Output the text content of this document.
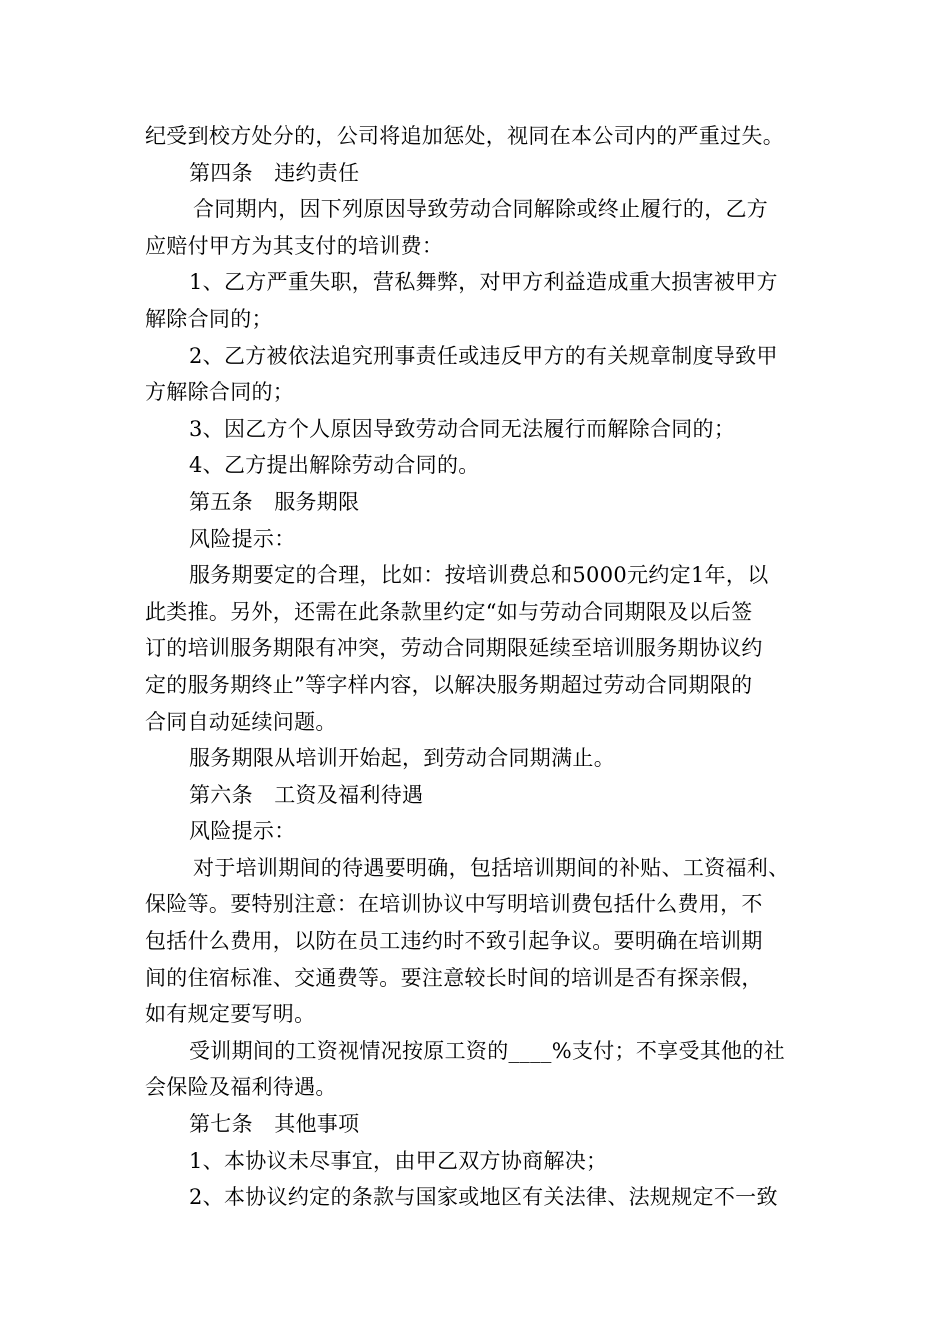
纪受到校方处分的，公司将追加惩处，视同在本公司内的严重过失。
第四条　违约责任
合同期内，因下列原因导致劳动合同解除或终止履行的，乙方
应赔付甲方为其支付的培训费：
1、乙方严重失职，营私舞弊，对甲方利益造成重大损害被甲方
解除合同的；
2、乙方被依法追究刑事责任或违反甲方的有关规章制度导致甲
方解除合同的；
3、因乙方个人原因导致劳动合同无法履行而解除合同的；
4、乙方提出解除劳动合同的。
第五条　服务期限
风险提示：
服务期要定的合理，比如：按培训费总和5000元约定1年，以
此类推。另外，还需在此条款里约定“如与劳动合同期限及以后签
订的培训服务期限有冲突，劳动合同期限延续至培训服务期协议约
定的服务期终止”等字样内容，以解决服务期超过劳动合同期限的
合同自动延续问题。
服务期限从培训开始起，到劳动合同期满止。
第六条　工资及福利待遇
风险提示：
对于培训期间的待遇要明确，包括培训期间的补贴、工资福利、
保险等。要特别注意：在培训协议中写明培训费包括什么费用，不
包括什么费用，以防在员工违约时不致引起争议。要明确在培训期
间的住宿标准、交通费等。要注意较长时间的培训是否有探亲假，
如有规定要写明。
受训期间的工资视情况按原工资的____%支付；不享受其他的社
会保险及福利待遇。
第七条　其他事项
1、本协议未尽事宜，由甲乙双方协商解决；
2、本协议约定的条款与国家或地区有关法律、法规规定不一致
